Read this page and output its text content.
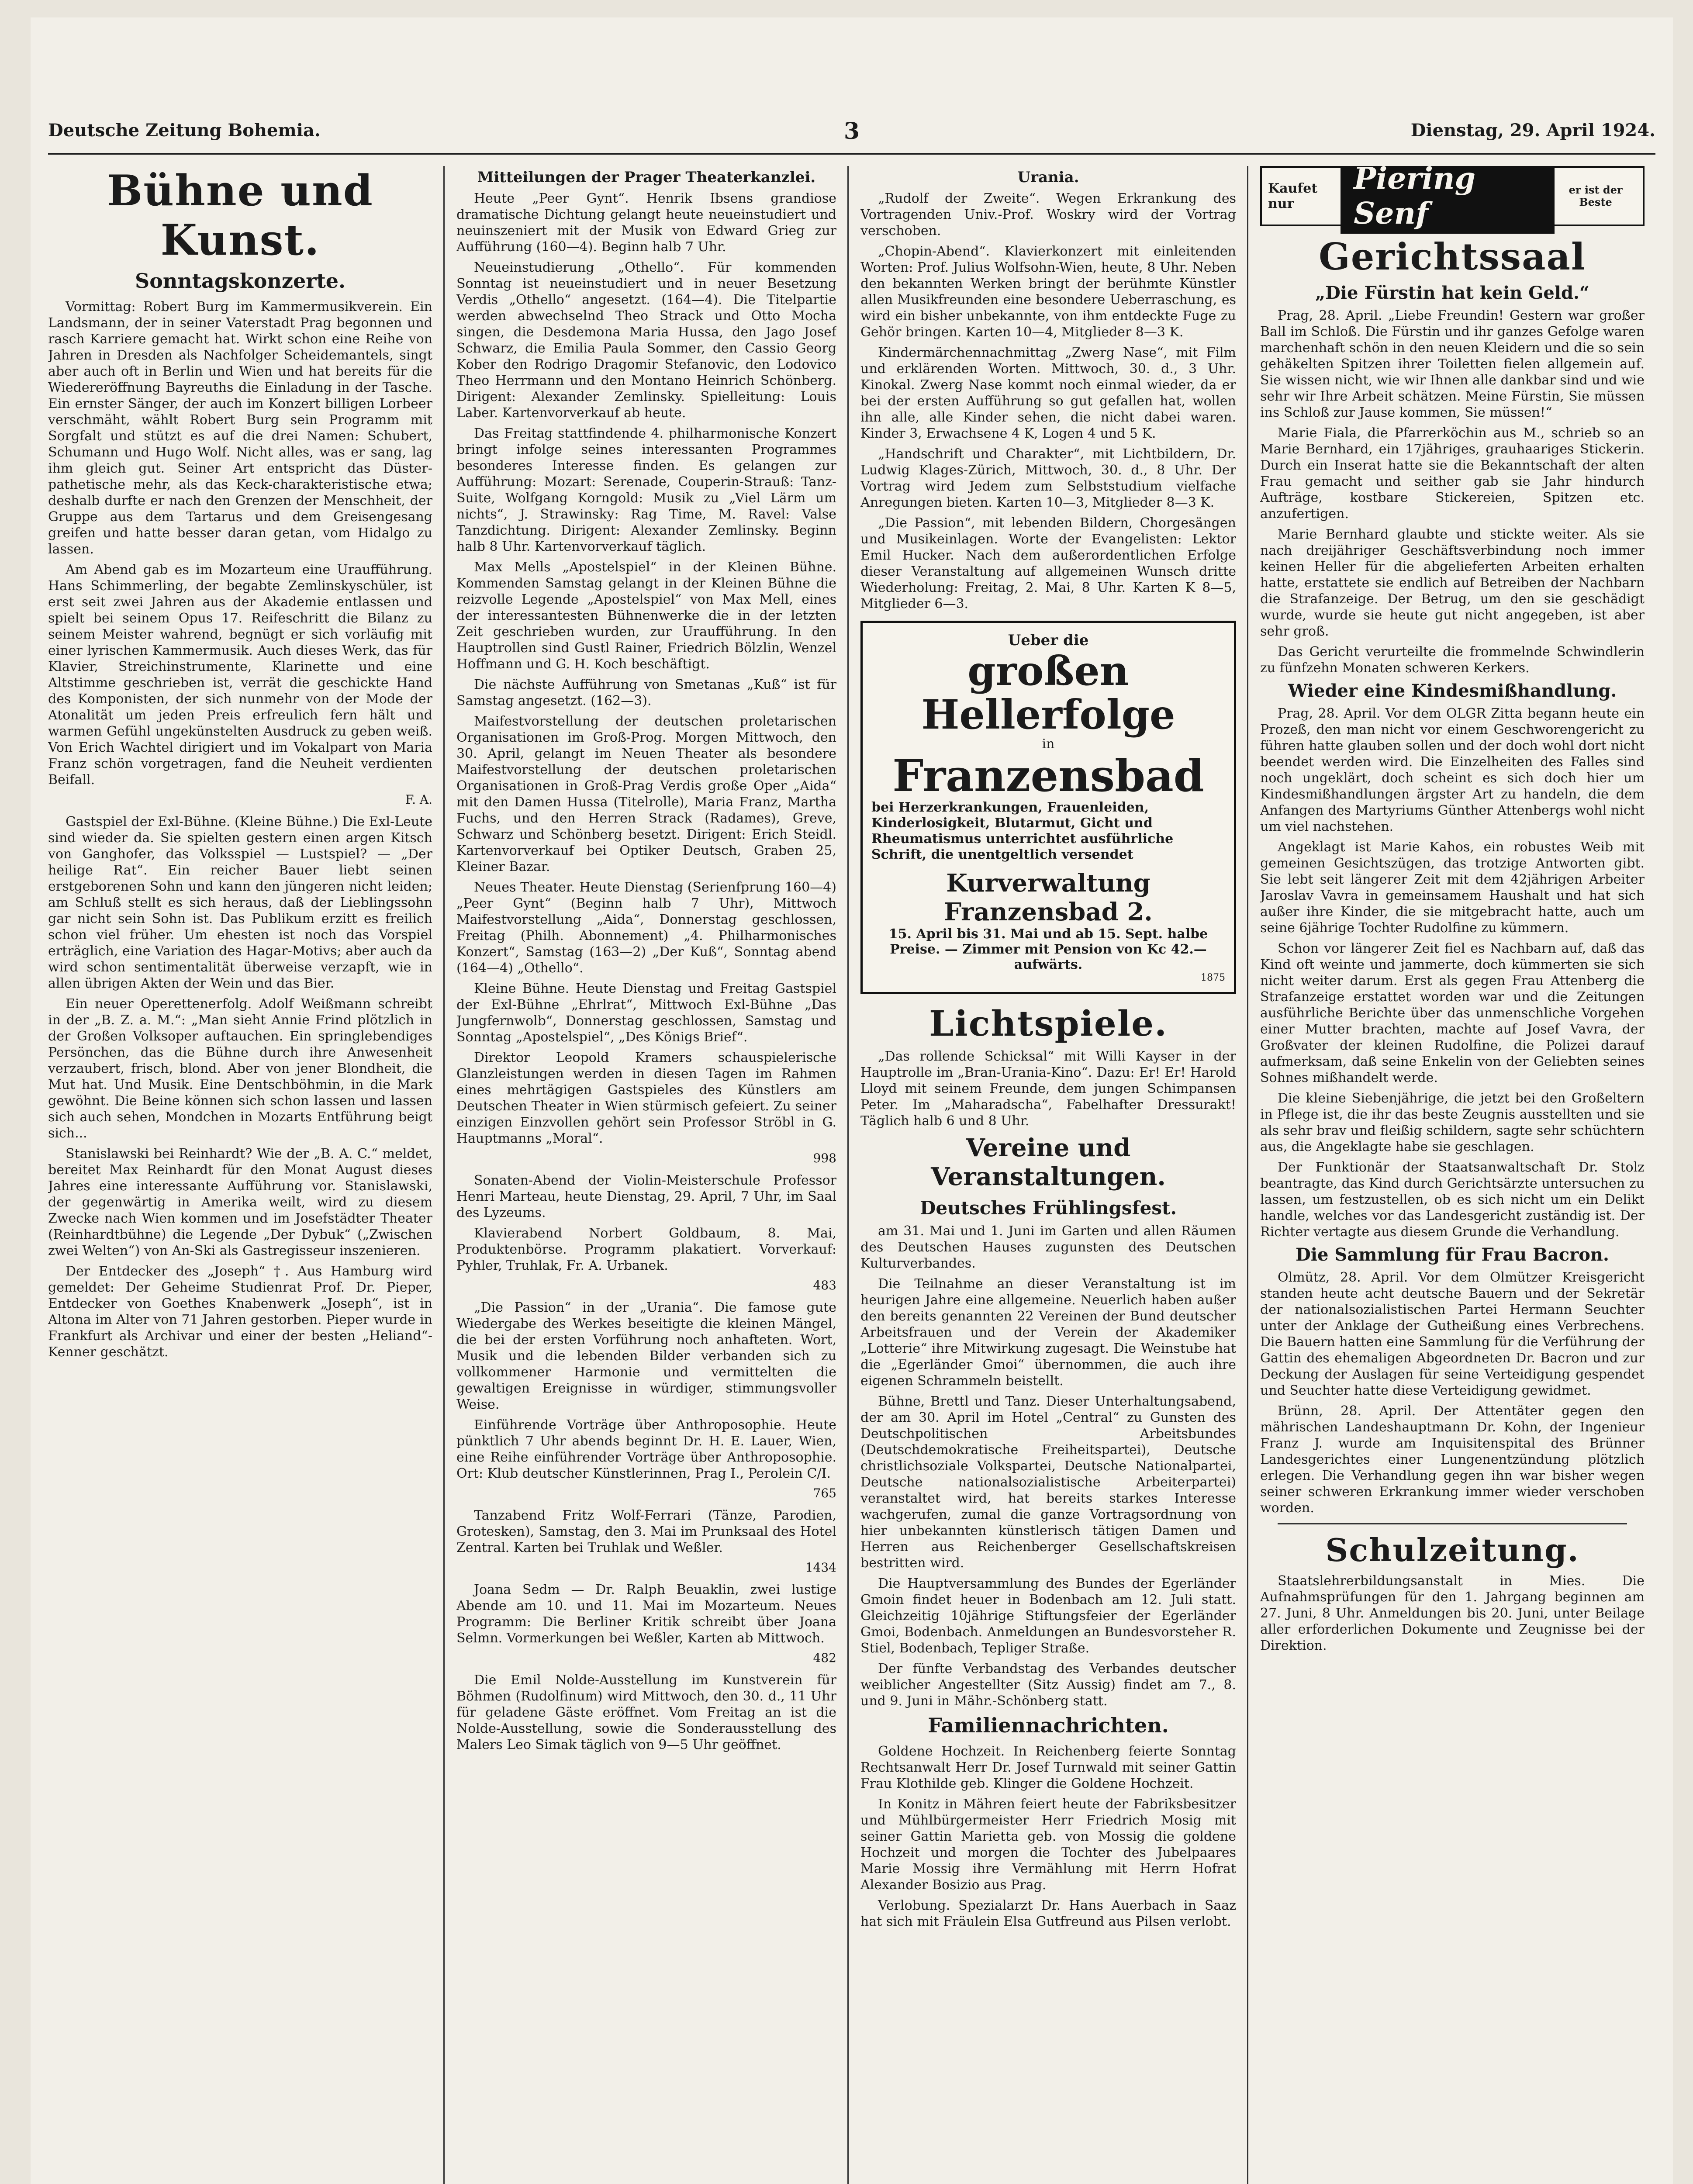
Deutsche Zeitung Bohemia.	3	Dienstag, 29. April 1924.
Bühne und Kunst.
Sonntagskonzerte.

Vormittag: Robert Burg im Kammermusikverein. Ein Landsmann, der in seiner Vaterstadt Prag begonnen und rasch Karriere gemacht hat. Wirkt schon eine Reihe von Jahren in Dresden als Nachfolger Scheidemantels, singt aber auch oft in Berlin und Wien und hat bereits für die Wiedereröffnung Bayreuths die Einladung in der Tasche. Ein ernster Sänger, der auch im Konzert billigen Lorbeer verschmäht, wählt Robert Burg sein Programm mit Sorgfalt und stützt es auf die drei Namen: Schubert, Schumann und Hugo Wolf. Nicht alles, was er sang, lag ihm gleich gut. Seiner Art entspricht das Düster-pathetische mehr, als das Keck-charakteristische etwa; deshalb durfte er nach den Grenzen der Menschheit, der Gruppe aus dem Tartarus und dem Greisengesang greifen und hatte besser daran getan, vom Hidalgo zu lassen.

Am Abend gab es im Mozarteum eine Uraufführung. Hans Schimmerling, der begabte Zemlinskyschüler, ist erst seit zwei Jahren aus der Akademie entlassen und spielt bei seinem Opus 17. Reifeschritt die Bilanz zu seinem Meister wahrend, begnügt er sich vorläufig mit einer lyrischen Kammermusik. Auch dieses Werk, das für Klavier, Streichinstrumente, Klarinette und eine Altstimme geschrieben ist, verrät die geschickte Hand des Komponisten, der sich nunmehr von der Mode der Atonalität um jeden Preis erfreulich fern hält und warmen Gefühl ungekünstelten Ausdruck zu geben weiß. Von Erich Wachtel dirigiert und im Vokalpart von Maria Franz schön vorgetragen, fand die Neuheit verdienten Beifall.

F. A.

Gastspiel der Exl-Bühne. (Kleine Bühne.) Die Exl-Leute sind wieder da. Sie spielten gestern einen argen Kitsch von Ganghofer, das Volksspiel — Lustspiel? — „Der heilige Rat“. Ein reicher Bauer liebt seinen erstgeborenen Sohn und kann den jüngeren nicht leiden; am Schluß stellt es sich heraus, daß der Lieblingssohn gar nicht sein Sohn ist. Das Publikum erzitt es freilich schon viel früher. Um ehesten ist noch das Vorspiel erträglich, eine Variation des Hagar-Motivs; aber auch da wird schon sentimentalität überweise verzapft, wie in allen übrigen Akten der Wein und das Bier.

Ein neuer Operettenerfolg. Adolf Weißmann schreibt in der „B. Z. a. M.“: „Man sieht Annie Frind plötzlich in der Großen Volksoper auftauchen. Ein springlebendiges Persönchen, das die Bühne durch ihre Anwesenheit verzaubert, frisch, blond. Aber von jener Blondheit, die Mut hat. Und Musik. Eine Dentschböhmin, in die Mark gewöhnt. Die Beine können sich schon lassen und lassen sich auch sehen, Mondchen in Mozarts Entführung beigt sich...

Stanislawski bei Reinhardt? Wie der „B. A. C.“ meldet, bereitet Max Reinhardt für den Monat August dieses Jahres eine interessante Aufführung vor. Stanislawski, der gegenwärtig in Amerika weilt, wird zu diesem Zwecke nach Wien kommen und im Josefstädter Theater (Reinhardtbühne) die Legende „Der Dybuk“ („Zwischen zwei Welten“) von An-Ski als Gastregisseur inszenieren.

Der Entdecker des „Joseph“ †. Aus Hamburg wird gemeldet: Der Geheime Studienrat Prof. Dr. Pieper, Entdecker von Goethes Knabenwerk „Joseph“, ist in Altona im Alter von 71 Jahren gestorben. Pieper wurde in Frankfurt als Archivar und einer der besten „Heliand“-Kenner geschätzt.

Mitteilungen der Prager Theaterkanzlei.

Heute „Peer Gynt“. Henrik Ibsens grandiose dramatische Dichtung gelangt heute neueinstudiert und neuinszeniert mit der Musik von Edward Grieg zur Aufführung (160—4). Beginn halb 7 Uhr.

Neueinstudierung „Othello“. Für kommenden Sonntag ist neueinstudiert und in neuer Besetzung Verdis „Othello“ angesetzt. (164—4). Die Titelpartie werden abwechselnd Theo Strack und Otto Mocha singen, die Desdemona Maria Hussa, den Jago Josef Schwarz, die Emilia Paula Sommer, den Cassio Georg Kober den Rodrigo Dragomir Stefanovic, den Lodovico Theo Herrmann und den Montano Heinrich Schönberg. Dirigent: Alexander Zemlinsky. Spielleitung: Louis Laber. Kartenvorverkauf ab heute.

Das Freitag stattfindende 4. philharmonische Konzert bringt infolge seines interessanten Programmes besonderes Interesse finden. Es gelangen zur Aufführung: Mozart: Serenade, Couperin-Strauß: Tanz-Suite, Wolfgang Korngold: Musik zu „Viel Lärm um nichts“, J. Strawinsky: Rag Time, M. Ravel: Valse Tanzdichtung. Dirigent: Alexander Zemlinsky. Beginn halb 8 Uhr. Kartenvorverkauf täglich.

Max Mells „Apostelspiel“ in der Kleinen Bühne. Kommenden Samstag gelangt in der Kleinen Bühne die reizvolle Legende „Apostelspiel“ von Max Mell, eines der interessantesten Bühnenwerke die in der letzten Zeit geschrieben wurden, zur Uraufführung. In den Hauptrollen sind Gustl Rainer, Friedrich Bölzlin, Wenzel Hoffmann und G. H. Koch beschäftigt.

Die nächste Aufführung von Smetanas „Kuß“ ist für Samstag angesetzt. (162—3).

Maifestvorstellung der deutschen proletarischen Organisationen im Groß-Prog. Morgen Mittwoch, den 30. April, gelangt im Neuen Theater als besondere Maifestvorstellung der deutschen proletarischen Organisationen in Groß-Prag Verdis große Oper „Aida“ mit den Damen Hussa (Titelrolle), Maria Franz, Martha Fuchs, und den Herren Strack (Radames), Greve, Schwarz und Schönberg besetzt. Dirigent: Erich Steidl. Kartenvorverkauf bei Optiker Deutsch, Graben 25, Kleiner Bazar.

Neues Theater. Heute Dienstag (Serienfprung 160—4) „Peer Gynt“ (Beginn halb 7 Uhr), Mittwoch Maifestvorstellung „Aida“, Donnerstag geschlossen, Freitag (Philh. Abonnement) „4. Philharmonisches Konzert“, Samstag (163—2) „Der Kuß“, Sonntag abend (164—4) „Othello“.

Kleine Bühne. Heute Dienstag und Freitag Gastspiel der Exl-Bühne „Ehrlrat“, Mittwoch Exl-Bühne „Das Jungfernwolb“, Donnerstag geschlossen, Samstag und Sonntag „Apostelspiel“, „Des Königs Brief“.

Direktor Leopold Kramers schauspielerische Glanzleistungen werden in diesen Tagen im Rahmen eines mehrtägigen Gastspieles des Künstlers am Deutschen Theater in Wien stürmisch gefeiert. Zu seiner einzigen Einzvollen gehört sein Professor Ströbl in G. Hauptmanns „Moral“.

998

Sonaten-Abend der Violin-Meisterschule Professor Henri Marteau, heute Dienstag, 29. April, 7 Uhr, im Saal des Lyzeums.

Klavierabend Norbert Goldbaum, 8. Mai, Produktenbörse. Programm plakatiert. Vorverkauf: Pyhler, Truhlak, Fr. A. Urbanek.

483

„Die Passion“ in der „Urania“. Die famose gute Wiedergabe des Werkes beseitigte die kleinen Mängel, die bei der ersten Vorführung noch anhafteten. Wort, Musik und die lebenden Bilder verbanden sich zu vollkommener Harmonie und vermittelten die gewaltigen Ereignisse in würdiger, stimmungsvoller Weise.

Einführende Vorträge über Anthroposophie. Heute pünktlich 7 Uhr abends beginnt Dr. H. E. Lauer, Wien, eine Reihe einführender Vorträge über Anthroposophie. Ort: Klub deutscher Künstlerinnen, Prag I., Perolein C/I.

765

Tanzabend Fritz Wolf-Ferrari (Tänze, Parodien, Grotesken), Samstag, den 3. Mai im Prunksaal des Hotel Zentral. Karten bei Truhlak und Weßler.

1434

Joana Sedm — Dr. Ralph Beuaklin, zwei lustige Abende am 10. und 11. Mai im Mozarteum. Neues Programm: Die Berliner Kritik schreibt über Joana Selmn. Vormerkungen bei Weßler, Karten ab Mittwoch.

482

Die Emil Nolde-Ausstellung im Kunstverein für Böhmen (Rudolfinum) wird Mittwoch, den 30. d., 11 Uhr für geladene Gäste eröffnet. Vom Freitag an ist die Nolde-Ausstellung, sowie die Sonderausstellung des Malers Leo Simak täglich von 9—5 Uhr geöffnet.

Urania.

„Rudolf der Zweite“. Wegen Erkrankung des Vortragenden Univ.-Prof. Woskry wird der Vortrag verschoben.

„Chopin-Abend“. Klavierkonzert mit einleitenden Worten: Prof. Julius Wolfsohn-Wien, heute, 8 Uhr. Neben den bekannten Werken bringt der berühmte Künstler allen Musikfreunden eine besondere Ueberraschung, es wird ein bisher unbekannte, von ihm entdeckte Fuge zu Gehör bringen. Karten 10—4, Mitglieder 8—3 K.

Kindermärchennachmittag „Zwerg Nase“, mit Film und erklärenden Worten. Mittwoch, 30. d., 3 Uhr. Kinokal. Zwerg Nase kommt noch einmal wieder, da er bei der ersten Aufführung so gut gefallen hat, wollen ihn alle, alle Kinder sehen, die nicht dabei waren. Kinder 3, Erwachsene 4 K, Logen 4 und 5 K.

„Handschrift und Charakter“, mit Lichtbildern, Dr. Ludwig Klages-Zürich, Mittwoch, 30. d., 8 Uhr. Der Vortrag wird Jedem zum Selbststudium vielfache Anregungen bieten. Karten 10—3, Mitglieder 8—3 K.

„Die Passion“, mit lebenden Bildern, Chorgesängen und Musikeinlagen. Worte der Evangelisten: Lektor Emil Hucker. Nach dem außerordentlichen Erfolge dieser Veranstaltung auf allgemeinen Wunsch dritte Wiederholung: Freitag, 2. Mai, 8 Uhr. Karten K 8—5, Mitglieder 6—3.

Ueber die
großen Hellerfolge
in
Franzensbad
bei Herzerkrankungen, Frauenleiden, Kinderlosigkeit, Blutarmut, Gicht und Rheumatismus unterrichtet ausführliche Schrift, die unentgeltlich versendet
Kurverwaltung Franzensbad 2.
15. April bis 31. Mai und ab 15. Sept. halbe Preise. — Zimmer mit Pension von Kc 42.— aufwärts.
1875
Lichtspiele.

„Das rollende Schicksal“ mit Willi Kayser in der Hauptrolle im „Bran-Urania-Kino“. Dazu: Er! Er! Harold Lloyd mit seinem Freunde, dem jungen Schimpansen Peter. Im „Maharadscha“, Fabelhafter Dressurakt! Täglich halb 6 und 8 Uhr.

Vereine und Veranstaltungen.
Deutsches Frühlingsfest.

am 31. Mai und 1. Juni im Garten und allen Räumen des Deutschen Hauses zugunsten des Deutschen Kulturverbandes.

Die Teilnahme an dieser Veranstaltung ist im heurigen Jahre eine allgemeine. Neuerlich haben außer den bereits genannten 22 Vereinen der Bund deutscher Arbeitsfrauen und der Verein der Akademiker „Lotterie“ ihre Mitwirkung zugesagt. Die Weinstube hat die „Egerländer Gmoi“ übernommen, die auch ihre eigenen Schrammeln beistellt.

Bühne, Brettl und Tanz. Dieser Unterhaltungsabend, der am 30. April im Hotel „Central“ zu Gunsten des Deutschpolitischen Arbeitsbundes (Deutschdemokratische Freiheitspartei), Deutsche christlichsoziale Volkspartei, Deutsche Nationalpartei, Deutsche nationalsozialistische Arbeiterpartei) veranstaltet wird, hat bereits starkes Interesse wachgerufen, zumal die ganze Vortragsordnung von hier unbekannten künstlerisch tätigen Damen und Herren aus Reichenberger Gesellschaftskreisen bestritten wird.

Die Hauptversammlung des Bundes der Egerländer Gmoin findet heuer in Bodenbach am 12. Juli statt. Gleichzeitig 10jährige Stiftungsfeier der Egerländer Gmoi, Bodenbach. Anmeldungen an Bundesvorsteher R. Stiel, Bodenbach, Tepliger Straße.

Der fünfte Verbandstag des Verbandes deutscher weiblicher Angestellter (Sitz Aussig) findet am 7., 8. und 9. Juni in Mähr.-Schönberg statt.

Familiennachrichten.

Goldene Hochzeit. In Reichenberg feierte Sonntag Rechtsanwalt Herr Dr. Josef Turnwald mit seiner Gattin Frau Klothilde geb. Klinger die Goldene Hochzeit.

In Konitz in Mähren feiert heute der Fabriksbesitzer und Mühlbürgermeister Herr Friedrich Mosig mit seiner Gattin Marietta geb. von Mossig die goldene Hochzeit und morgen die Tochter des Jubelpaares Marie Mossig ihre Vermählung mit Herrn Hofrat Alexander Bosizio aus Prag.

Verlobung. Spezialarzt Dr. Hans Auerbach in Saaz hat sich mit Fräulein Elsa Gutfreund aus Pilsen verlobt.

Kaufet nur
Piering Senf
er ist der Beste
Gerichtssaal
„Die Fürstin hat kein Geld.“

Prag, 28. April. „Liebe Freundin! Gestern war großer Ball im Schloß. Die Fürstin und ihr ganzes Gefolge waren marchenhaft schön in den neuen Kleidern und die so sein gehäkelten Spitzen ihrer Toiletten fielen allgemein auf. Sie wissen nicht, wie wir Ihnen alle dankbar sind und wie sehr wir Ihre Arbeit schätzen. Meine Fürstin, Sie müssen ins Schloß zur Jause kommen, Sie müssen!“

Marie Fiala, die Pfarrerköchin aus M., schrieb so an Marie Bernhard, ein 17jähriges, grauhaariges Stickerin. Durch ein Inserat hatte sie die Bekanntschaft der alten Frau gemacht und seither gab sie Jahr hindurch Aufträge, kostbare Stickereien, Spitzen etc. anzufertigen.

Marie Bernhard glaubte und stickte weiter. Als sie nach dreijähriger Geschäftsverbindung noch immer keinen Heller für die abgelieferten Arbeiten erhalten hatte, erstattete sie endlich auf Betreiben der Nachbarn die Strafanzeige. Der Betrug, um den sie geschädigt wurde, wurde sie heute gut nicht angegeben, ist aber sehr groß.

Das Gericht verurteilte die frommelnde Schwindlerin zu fünfzehn Monaten schweren Kerkers.

Wieder eine Kindesmißhandlung.

Prag, 28. April. Vor dem OLGR Zitta begann heute ein Prozeß, den man nicht vor einem Geschworengericht zu führen hatte glauben sollen und der doch wohl dort nicht beendet werden wird. Die Einzelheiten des Falles sind noch ungeklärt, doch scheint es sich doch hier um Kindesmißhandlungen ärgster Art zu handeln, die dem Anfangen des Martyriums Günther Attenbergs wohl nicht um viel nachstehen.

Angeklagt ist Marie Kahos, ein robustes Weib mit gemeinen Gesichtszügen, das trotzige Antworten gibt. Sie lebt seit längerer Zeit mit dem 42jährigen Arbeiter Jaroslav Vavra in gemeinsamem Haushalt und hat sich außer ihre Kinder, die sie mitgebracht hatte, auch um seine 6jährige Tochter Rudolfine zu kümmern.

Schon vor längerer Zeit fiel es Nachbarn auf, daß das Kind oft weinte und jammerte, doch kümmerten sie sich nicht weiter darum. Erst als gegen Frau Attenberg die Strafanzeige erstattet worden war und die Zeitungen ausführliche Berichte über das unmenschliche Vorgehen einer Mutter brachten, machte auf Josef Vavra, der Großvater der kleinen Rudolfine, die Polizei darauf aufmerksam, daß seine Enkelin von der Geliebten seines Sohnes mißhandelt werde.

Die kleine Siebenjährige, die jetzt bei den Großeltern in Pflege ist, die ihr das beste Zeugnis ausstellten und sie als sehr brav und fleißig schildern, sagte sehr schüchtern aus, die Angeklagte habe sie geschlagen.

Der Funktionär der Staatsanwaltschaft Dr. Stolz beantragte, das Kind durch Gerichtsärzte untersuchen zu lassen, um festzustellen, ob es sich nicht um ein Delikt handle, welches vor das Landesgericht zuständig ist. Der Richter vertagte aus diesem Grunde die Verhandlung.

Die Sammlung für Frau Bacron.

Olmütz, 28. April. Vor dem Olmützer Kreisgericht standen heute acht deutsche Bauern und der Sekretär der nationalsozialistischen Partei Hermann Seuchter unter der Anklage der Gutheißung eines Verbrechens. Die Bauern hatten eine Sammlung für die Verführung der Gattin des ehemaligen Abgeordneten Dr. Bacron und zur Deckung der Auslagen für seine Verteidigung gespendet und Seuchter hatte diese Verteidigung gewidmet.

Brünn, 28. April. Der Attentäter gegen den mährischen Landeshauptmann Dr. Kohn, der Ingenieur Franz J. wurde am Inquisitenspital des Brünner Landesgerichtes einer Lungenentzündung plötzlich erlegen. Die Verhandlung gegen ihn war bisher wegen seiner schweren Erkrankung immer wieder verschoben worden.

Schulzeitung.

Staatslehrerbildungsanstalt in Mies. Die Aufnahmsprüfungen für den 1. Jahrgang beginnen am 27. Juni, 8 Uhr. Anmeldungen bis 20. Juni, unter Beilage aller erforderlichen Dokumente und Zeugnisse bei der Direktion.
